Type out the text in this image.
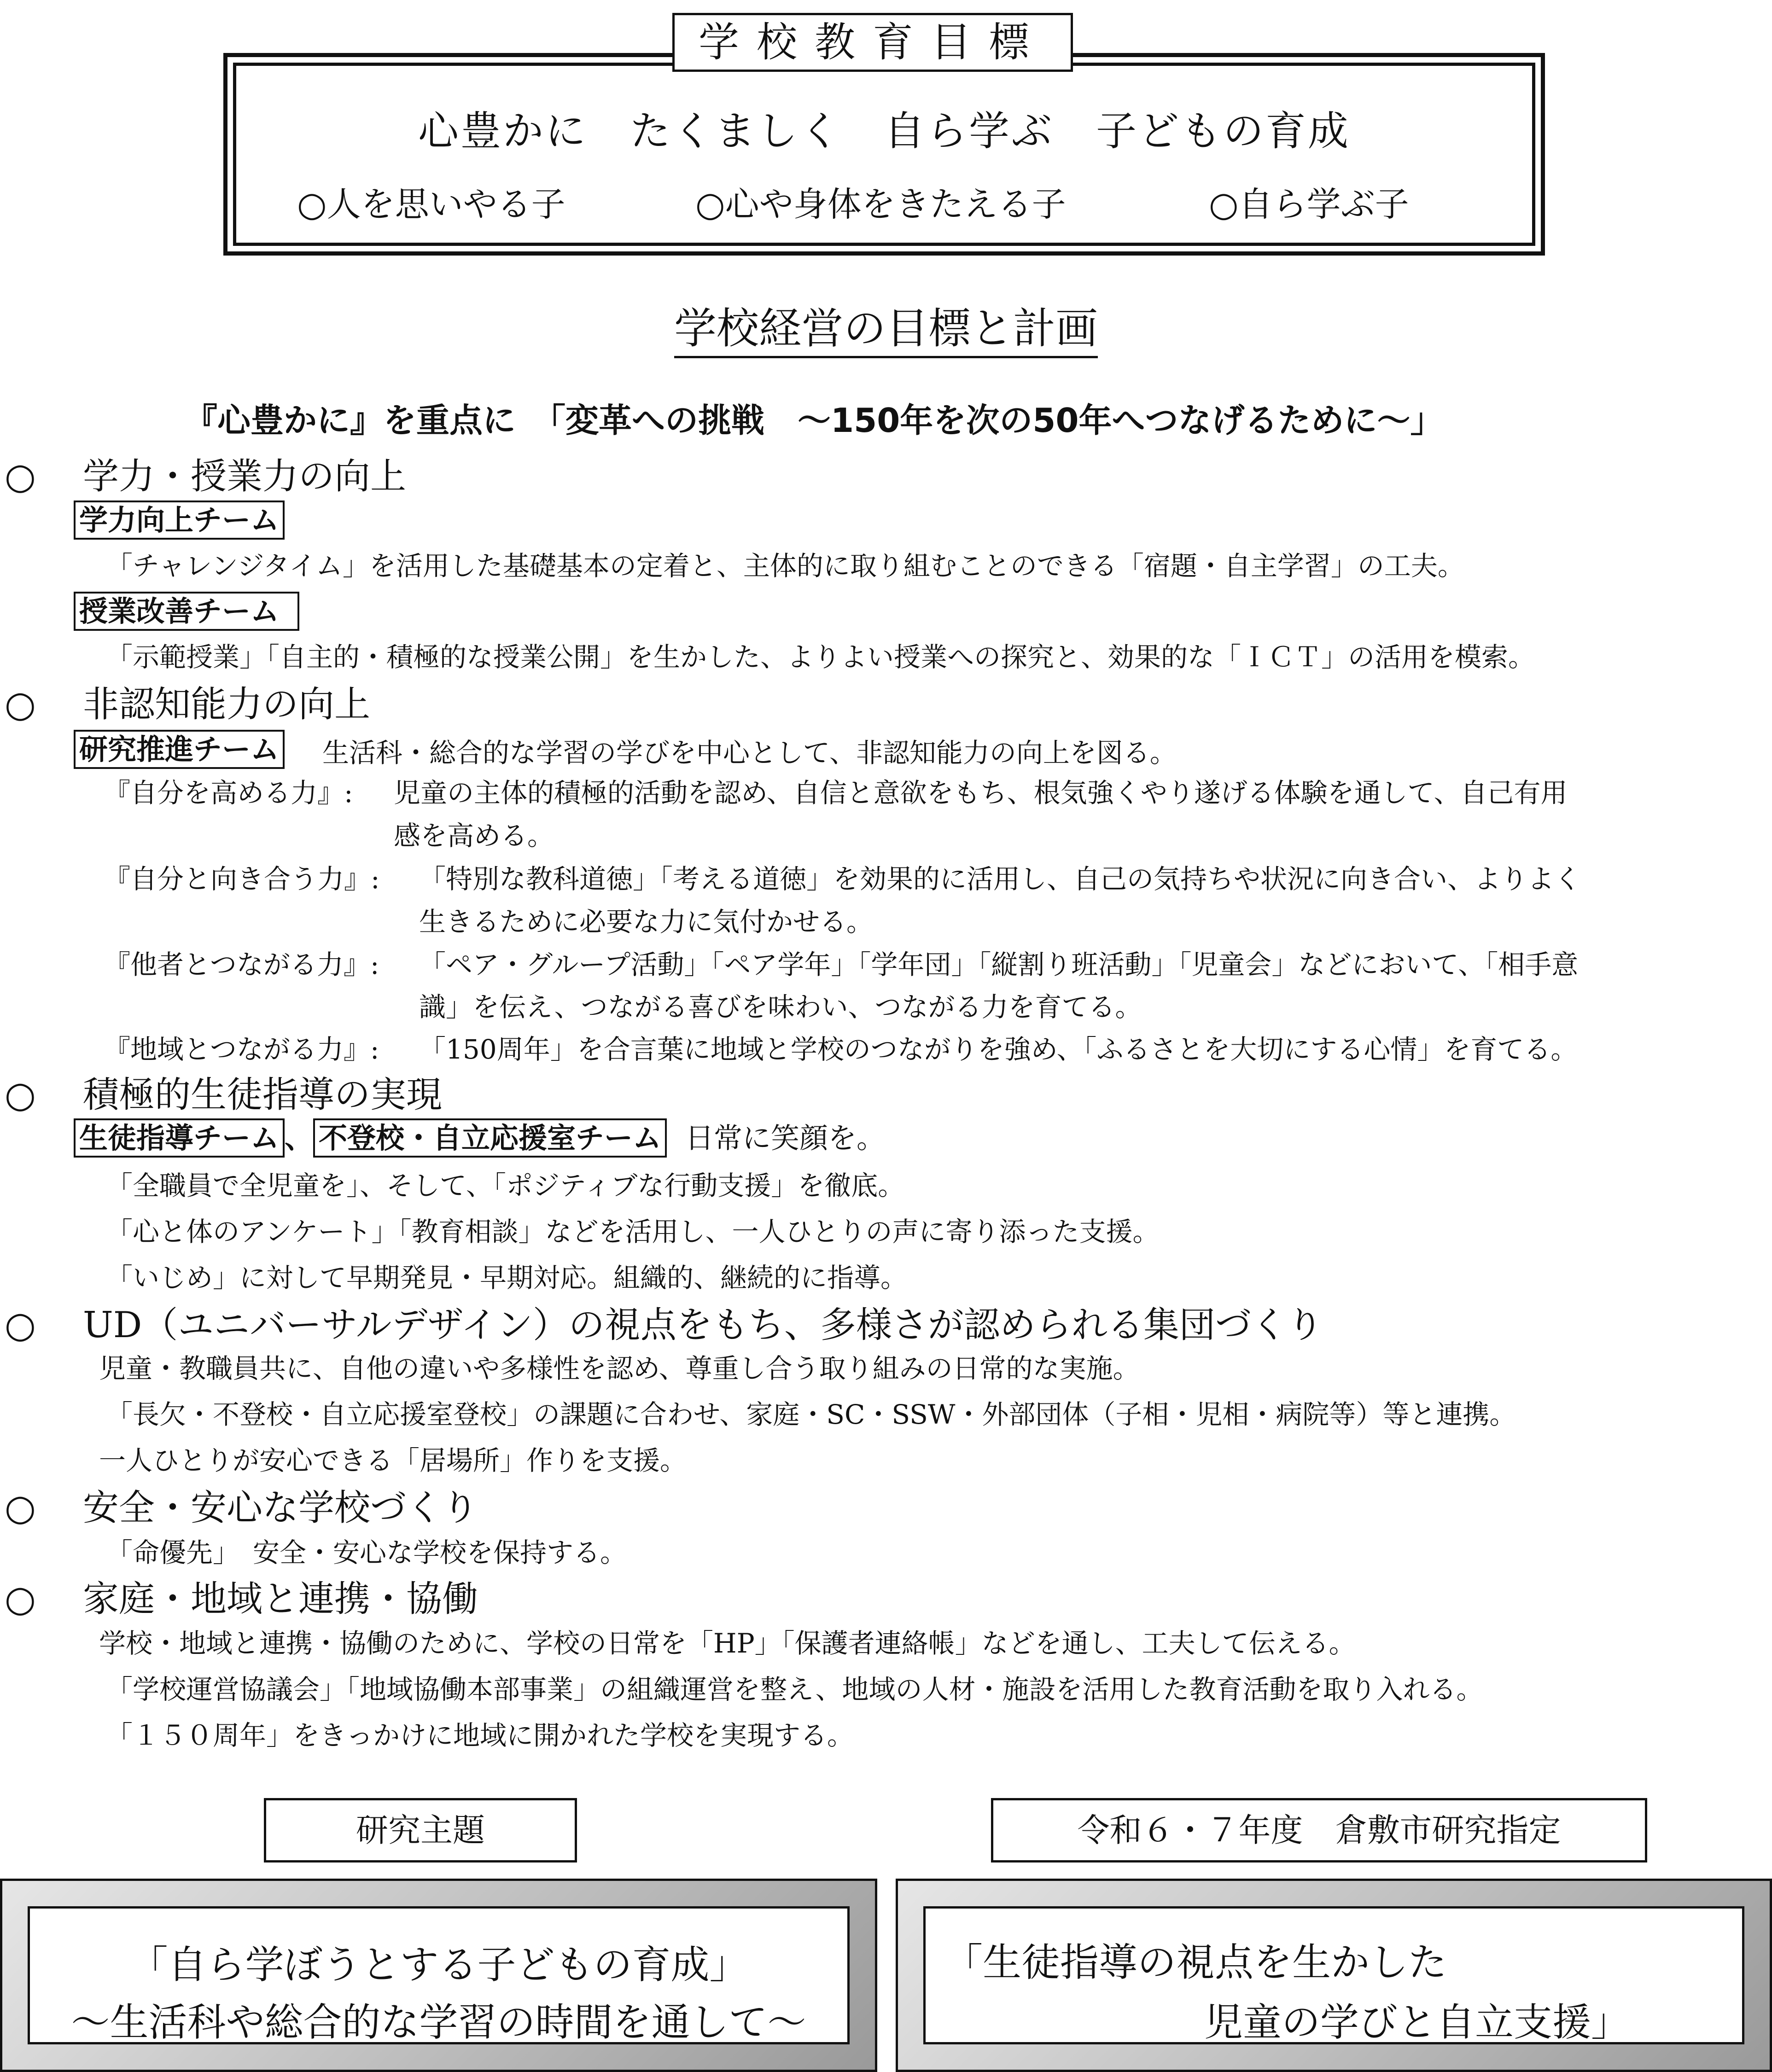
学校教育目標
心豊かに　たくましく　自ら学ぶ　子どもの育成
○人を思いやる子	○心や身体をきたえる子	○自ら学ぶ子
学校経営の目標と計画
『心豊かに』を重点に　「変革への挑戦　～150年を次の50年へつなげるために～」
○ 学力・授業力の向上
学力向上チーム
「チャレンジタイム」を活用した基礎基本の定着と、主体的に取り組むことのできる「宿題・自主学習」の工夫。
授業改善チーム
「示範授業」「自主的・積極的な授業公開」を生かした、よりよい授業への探究と、効果的な「ＩＣＴ」の活用を模索。
○ 非認知能力の向上
研究推進チーム 生活科・総合的な学習の学びを中心として、非認知能力の向上を図る。
『自分を高める力』: 児童の主体的積極的活動を認め、自信と意欲をもち、根気強くやり遂げる体験を通して、自己有用
感を高める。
『自分と向き合う力』: 「特別な教科道徳」「考える道徳」を効果的に活用し、自己の気持ちや状況に向き合い、よりよく
生きるために必要な力に気付かせる。
『他者とつながる力』: 「ペア・グループ活動」「ペア学年」「学年団」「縦割り班活動」「児童会」などにおいて、「相手意
識」を伝え、つながる喜びを味わい、つながる力を育てる。
『地域とつながる力』: 「150周年」を合言葉に地域と学校のつながりを強め、「ふるさとを大切にする心情」を育てる。
○ 積極的生徒指導の実現
生徒指導チーム 、 不登校・自立応援室チーム 日常に笑顔を。
「全職員で全児童を」、そして、「ポジティブな行動支援」を徹底。
「心と体のアンケート」「教育相談」などを活用し、一人ひとりの声に寄り添った支援。
「いじめ」に対して早期発見・早期対応。組織的、継続的に指導。
○ UD（ユニバーサルデザイン）の視点をもち、多様さが認められる集団づくり
児童・教職員共に、自他の違いや多様性を認め、尊重し合う取り組みの日常的な実施。
「長欠・不登校・自立応援室登校」の課題に合わせ、家庭・SC・SSW・外部団体（子相・児相・病院等）等と連携。
一人ひとりが安心できる「居場所」作りを支援。
○ 安全・安心な学校づくり
「命優先」　安全・安心な学校を保持する。
○ 家庭・地域と連携・協働
学校・地域と連携・協働のために、学校の日常を「HP」「保護者連絡帳」などを通し、工夫して伝える。
「学校運営協議会」「地域協働本部事業」の組織運営を整え、地域の人材・施設を活用した教育活動を取り入れる。
「１５０周年」をきっかけに地域に開かれた学校を実現する。
研究主題	令和６・７年度　倉敷市研究指定
「自ら学ぼうとする子どもの育成」
～生活科や総合的な学習の時間を通して～
「生徒指導の視点を生かした
児童の学びと自立支援」
